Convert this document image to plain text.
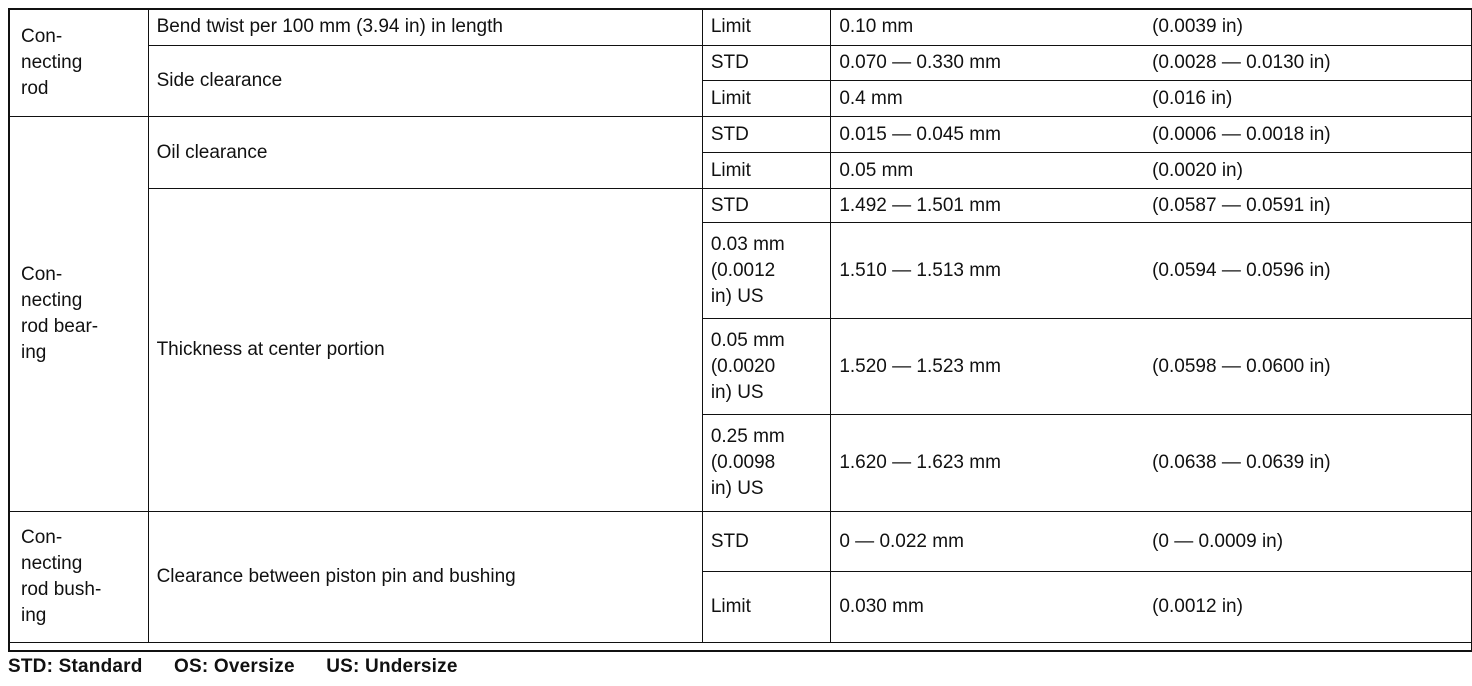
Con-
necting
rod	Bend twist per 100 mm (3.94 in) in length	Limit	0.10 mm	(0.0039 in)
	Side clearance	STD	0.070 — 0.330 mm	(0.0028 — 0.0130 in)
		Limit	0.4 mm	(0.016 in)
Con-
necting
rod bear-
ing	Oil clearance	STD	0.015 — 0.045 mm	(0.0006 — 0.0018 in)
		Limit	0.05 mm	(0.0020 in)
	Thickness at center portion	STD	1.492 — 1.501 mm	(0.0587 — 0.0591 in)
		0.03 mm
(0.0012
in) US	1.510 — 1.513 mm	(0.0594 — 0.0596 in)
		0.05 mm
(0.0020
in) US	1.520 — 1.523 mm	(0.0598 — 0.0600 in)
		0.25 mm
(0.0098
in) US	1.620 — 1.623 mm	(0.0638 — 0.0639 in)
Con-
necting
rod bush-
ing	Clearance between piston pin and bushing	STD	0 — 0.022 mm	(0 — 0.0009 in)
		Limit	0.030 mm	(0.0012 in)
STD: Standard OS: Oversize US: Undersize
